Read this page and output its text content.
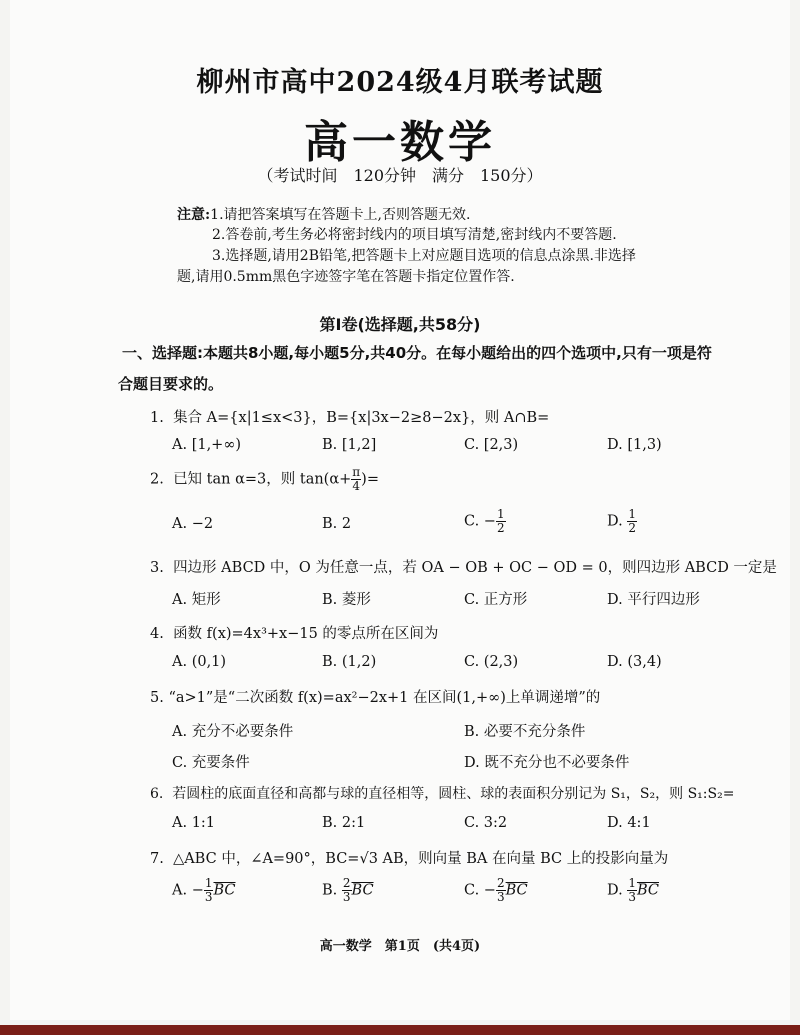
柳州市高中2024级4月联考试题
高一数学
（考试时间　120分钟　满分　150分）
注意:1.请把答案填写在答题卡上,否则答题无效.
2.答卷前,考生务必将密封线内的项目填写清楚,密封线内不要答题.
3.选择题,请用2B铅笔,把答题卡上对应题目选项的信息点涂黑.非选择
题,请用0.5mm黑色字迹签字笔在答题卡指定位置作答.
第Ⅰ卷(选择题,共58分)
一、选择题:本题共8小题,每小题5分,共40分。在每小题给出的四个选项中,只有一项是符
合题目要求的。
1. 集合 A={x|1≤x<3}，B={x|3x−2≥8−2x}，则 A∩B=
A. [1,+∞)	B. [1,2]	C. [2,3)	D. [1,3)
2. 已知 tan α=3，则 $\tan(\alpha+ \frac{\pi}{4}$ )=
A. −2	B. 2	C. − $\frac{1}{2}$	D. $\frac{1}{2}$
3. 四边形 ABCD 中，O 为任意一点，若 OA − OB + OC − OD = 0，则四边形 ABCD 一定是
A. 矩形	B. 菱形	C. 正方形	D. 平行四边形
4. 函数 f(x)=4x³+x−15 的零点所在区间为
A. (0,1)	B. (1,2)	C. (2,3)	D. (3,4)
5. “a>1”是“二次函数 f(x)=ax²−2x+1 在区间(1,+∞)上单调递增”的
A. 充分不必要条件	B. 必要不充分条件
C. 充要条件	D. 既不充分也不必要条件
6. 若圆柱的底面直径和高都与球的直径相等，圆柱、球的表面积分别记为 S₁，S₂，则 S₁:S₂=
A. 1:1	B. 2:1	C. 3:2	D. 4:1
7. △ABC 中，∠A=90°，BC=√3 AB，则向量 BA 在向量 BC 上的投影向量为
A. − $\frac{1}{3} \overline{BC}$	B. $\frac{2}{3} \overline{BC}$	C. − $\frac{2}{3} \overline{BC}$	D. $\frac{1}{3} \overline{BC}$
高一数学　第1页　(共4页)
